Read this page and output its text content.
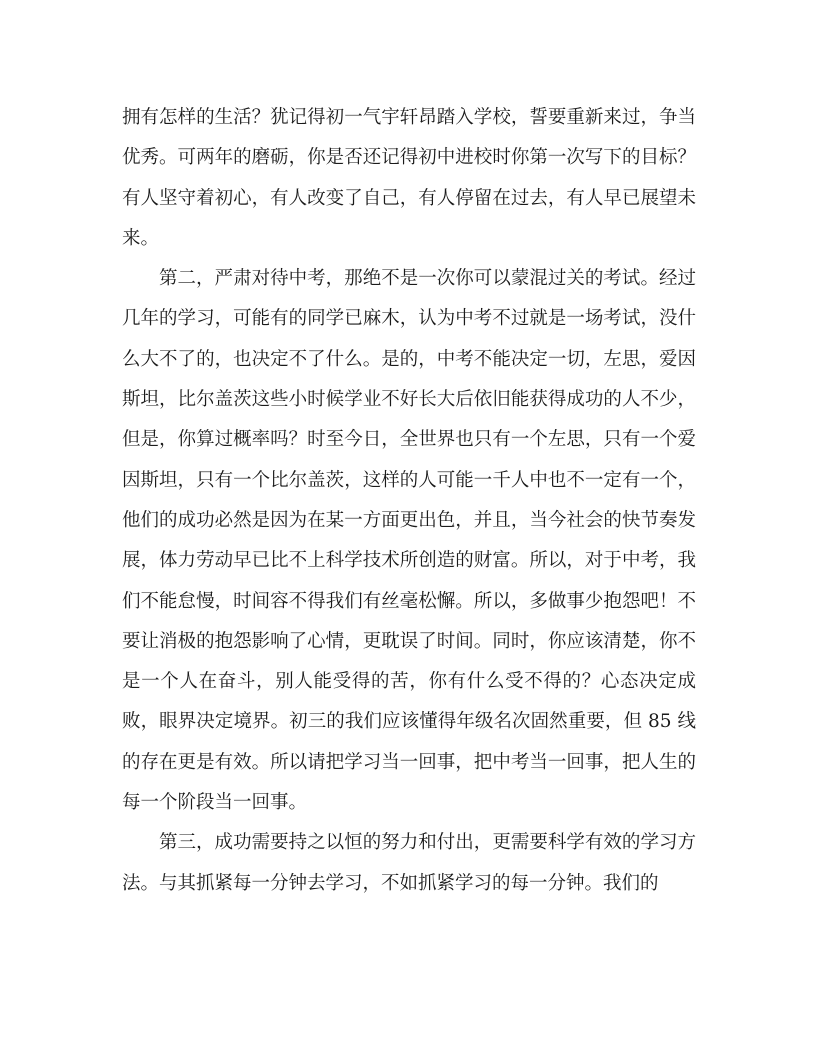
拥有怎样的生活？犹记得初一气宇轩昂踏入学校，誓要重新来过，争当优秀。可两年的磨砺，你是否还记得初中进校时你第一次写下的目标？有人坚守着初心，有人改变了自己，有人停留在过去，有人早已展望未来。

第二，严肃对待中考，那绝不是一次你可以蒙混过关的考试。经过几年的学习，可能有的同学已麻木，认为中考不过就是一场考试，没什么大不了的，也决定不了什么。是的，中考不能决定一切，左思，爱因斯坦，比尔盖茨这些小时候学业不好长大后依旧能获得成功的人不少，但是，你算过概率吗？时至今日，全世界也只有一个左思，只有一个爱因斯坦，只有一个比尔盖茨，这样的人可能一千人中也不一定有一个，他们的成功必然是因为在某一方面更出色，并且，当今社会的快节奏发展，体力劳动早已比不上科学技术所创造的财富。所以，对于中考，我们不能怠慢，时间容不得我们有丝毫松懈。所以，多做事少抱怨吧！不要让消极的抱怨影响了心情，更耽误了时间。同时，你应该清楚，你不是一个人在奋斗，别人能受得的苦，你有什么受不得的？心态决定成败，眼界决定境界。初三的我们应该懂得年级名次固然重要，但 85 线的存在更是有效。所以请把学习当一回事，把中考当一回事，把人生的每一个阶段当一回事。

第三，成功需要持之以恒的努力和付出，更需要科学有效的学习方法。与其抓紧每一分钟去学习，不如抓紧学习的每一分钟。我们的
